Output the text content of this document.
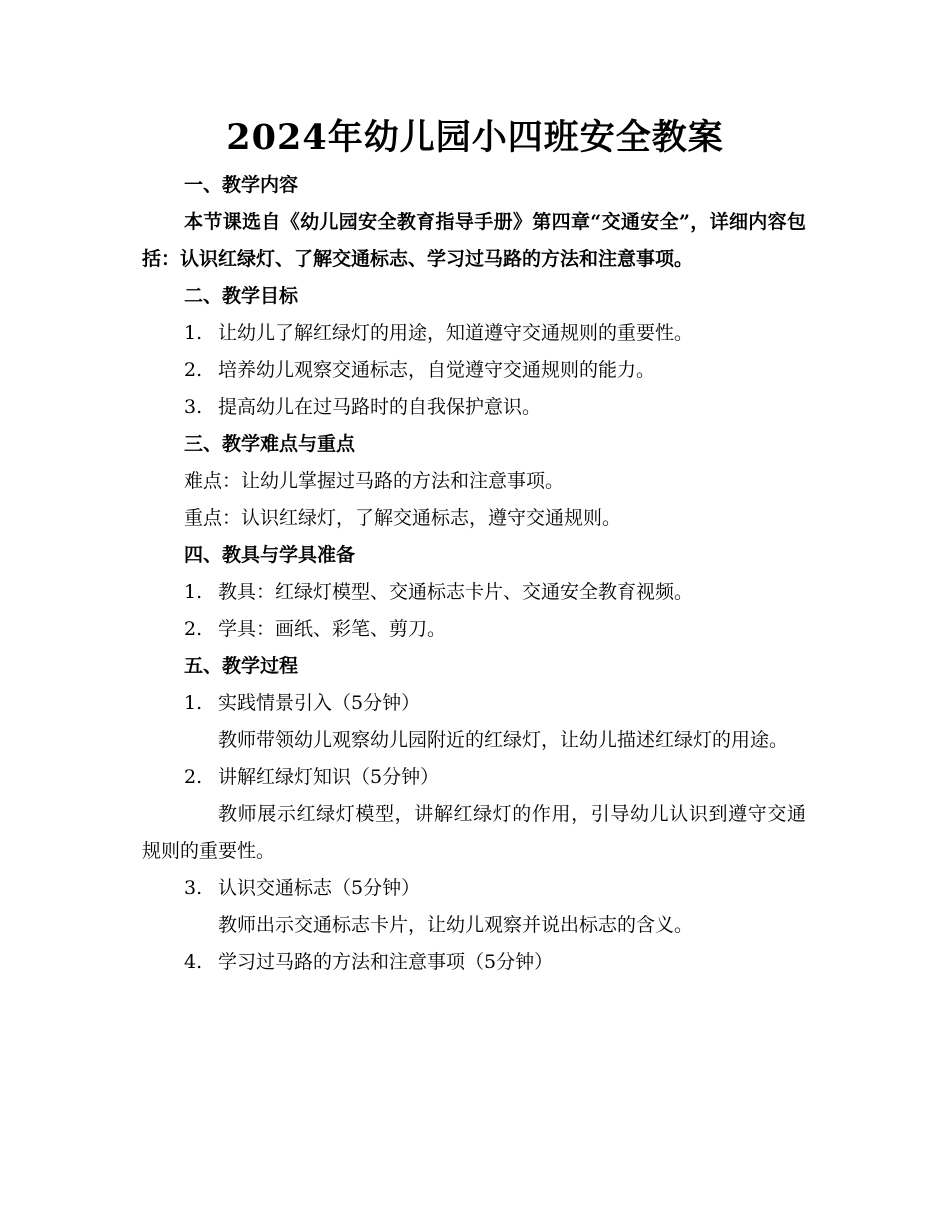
2024年幼儿园小四班安全教案

一、教学内容

本节课选自《幼儿园安全教育指导手册》第四章“交通安全”，详细内容包括：认识红绿灯、了解交通标志、学习过马路的方法和注意事项。

二、教学目标

1. 让幼儿了解红绿灯的用途，知道遵守交通规则的重要性。

2. 培养幼儿观察交通标志，自觉遵守交通规则的能力。

3. 提高幼儿在过马路时的自我保护意识。

三、教学难点与重点

难点：让幼儿掌握过马路的方法和注意事项。

重点：认识红绿灯，了解交通标志，遵守交通规则。

四、教具与学具准备

1. 教具：红绿灯模型、交通标志卡片、交通安全教育视频。

2. 学具：画纸、彩笔、剪刀。

五、教学过程

1. 实践情景引入（5分钟）

教师带领幼儿观察幼儿园附近的红绿灯，让幼儿描述红绿灯的用途。

2. 讲解红绿灯知识（5分钟）

教师展示红绿灯模型，讲解红绿灯的作用，引导幼儿认识到遵守交通规则的重要性。

3. 认识交通标志（5分钟）

教师出示交通标志卡片，让幼儿观察并说出标志的含义。

4. 学习过马路的方法和注意事项（5分钟）
